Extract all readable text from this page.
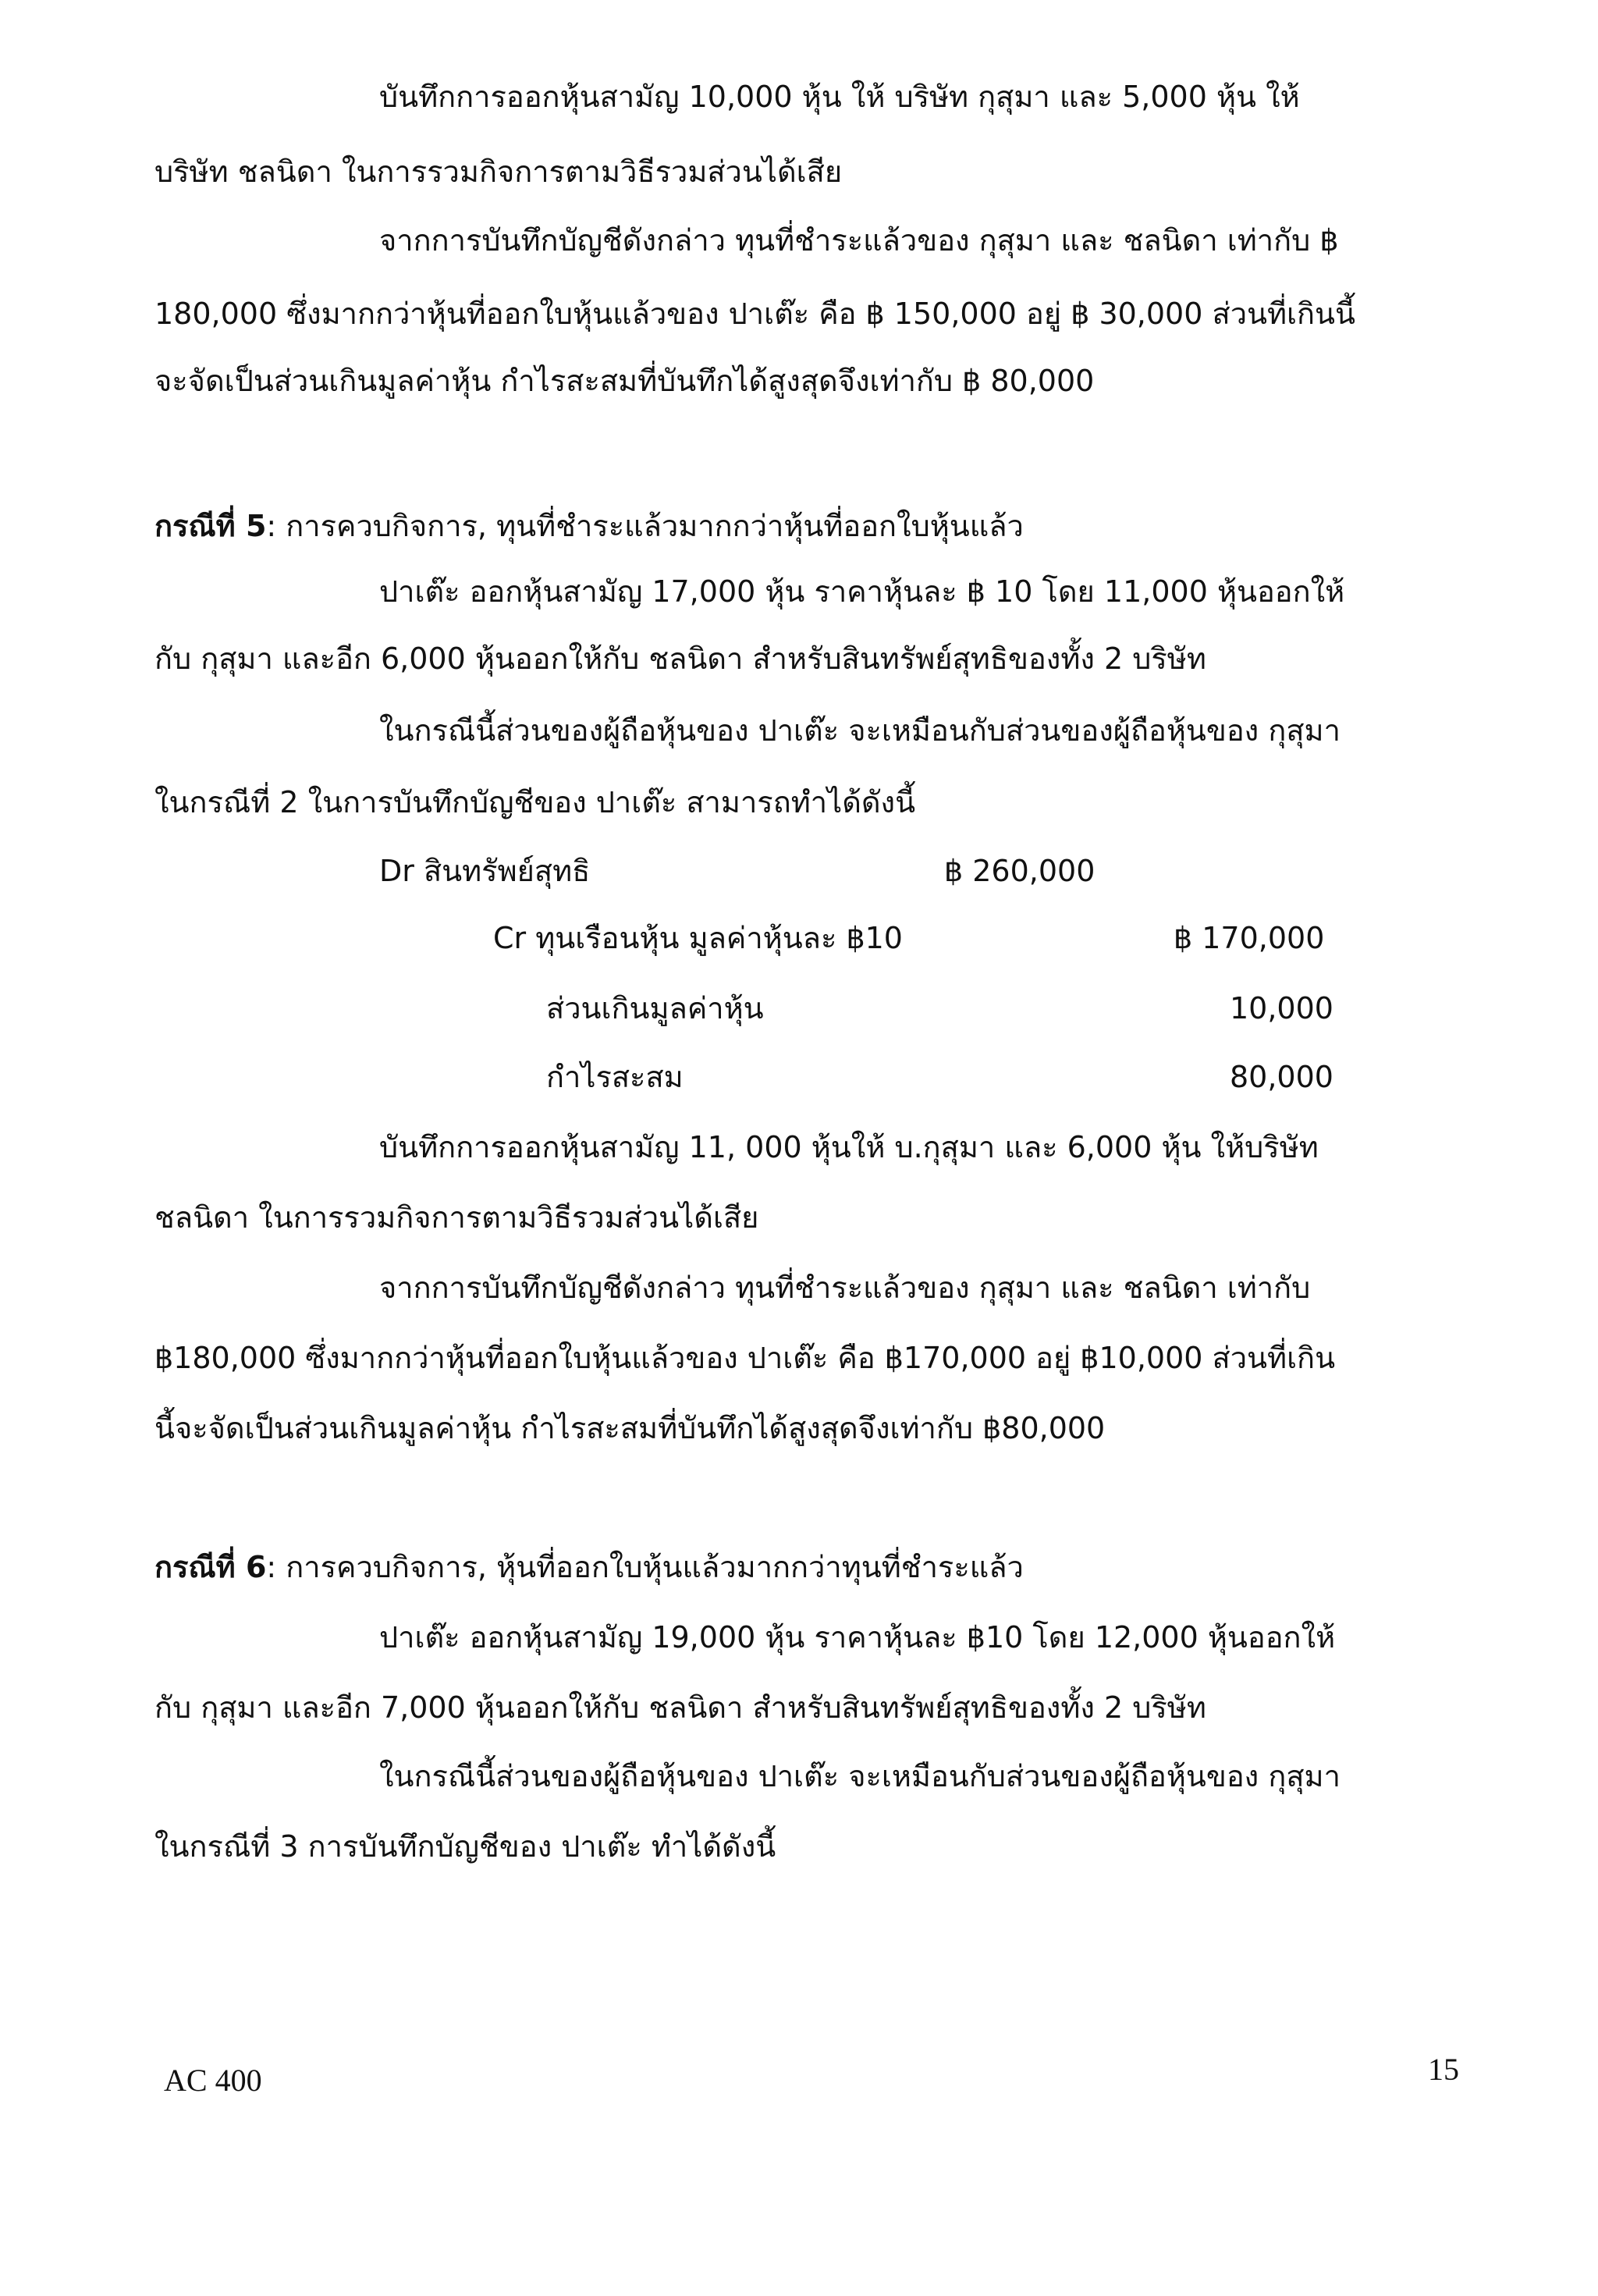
บันทึกการออกหุ้นสามัญ 10,000 หุ้น ให้ บริษัท กุสุมา และ 5,000 หุ้น ให้
บริษัท ชลนิดา ในการรวมกิจการตามวิธีรวมส่วนได้เสีย
จากการบันทึกบัญชีดังกล่าว ทุนที่ชำระแล้วของ กุสุมา และ ชลนิดา เท่ากับ ฿
180,000 ซึ่งมากกว่าหุ้นที่ออกใบหุ้นแล้วของ ปาเต๊ะ คือ ฿ 150,000 อยู่ ฿ 30,000 ส่วนที่เกินนี้
จะจัดเป็นส่วนเกินมูลค่าหุ้น กำไรสะสมที่บันทึกได้สูงสุดจึงเท่ากับ ฿ 80,000
กรณีที่ 5: การควบกิจการ, ทุนที่ชำระแล้วมากกว่าหุ้นที่ออกใบหุ้นแล้ว
ปาเต๊ะ ออกหุ้นสามัญ 17,000 หุ้น ราคาหุ้นละ ฿ 10 โดย 11,000 หุ้นออกให้
กับ กุสุมา และอีก 6,000 หุ้นออกให้กับ ชลนิดา สำหรับสินทรัพย์สุทธิของทั้ง 2 บริษัท
ในกรณีนี้ส่วนของผู้ถือหุ้นของ ปาเต๊ะ จะเหมือนกับส่วนของผู้ถือหุ้นของ กุสุมา
ในกรณีที่ 2 ในการบันทึกบัญชีของ ปาเต๊ะ สามารถทำได้ดังนี้
Dr สินทรัพย์สุทธิ	฿ 260,000
Cr ทุนเรือนหุ้น มูลค่าหุ้นละ ฿10	฿ 170,000
ส่วนเกินมูลค่าหุ้น	10,000
กำไรสะสม	80,000
บันทึกการออกหุ้นสามัญ 11, 000 หุ้นให้ บ.กุสุมา และ 6,000 หุ้น ให้บริษัท
ชลนิดา ในการรวมกิจการตามวิธีรวมส่วนได้เสีย
จากการบันทึกบัญชีดังกล่าว ทุนที่ชำระแล้วของ กุสุมา และ ชลนิดา เท่ากับ
฿180,000 ซึ่งมากกว่าหุ้นที่ออกใบหุ้นแล้วของ ปาเต๊ะ คือ ฿170,000 อยู่ ฿10,000 ส่วนที่เกิน
นี้จะจัดเป็นส่วนเกินมูลค่าหุ้น กำไรสะสมที่บันทึกได้สูงสุดจึงเท่ากับ ฿80,000
กรณีที่ 6: การควบกิจการ, หุ้นที่ออกใบหุ้นแล้วมากกว่าทุนที่ชำระแล้ว
ปาเต๊ะ ออกหุ้นสามัญ 19,000 หุ้น ราคาหุ้นละ ฿10 โดย 12,000 หุ้นออกให้
กับ กุสุมา และอีก 7,000 หุ้นออกให้กับ ชลนิดา สำหรับสินทรัพย์สุทธิของทั้ง 2 บริษัท
ในกรณีนี้ส่วนของผู้ถือหุ้นของ ปาเต๊ะ จะเหมือนกับส่วนของผู้ถือหุ้นของ กุสุมา
ในกรณีที่ 3 การบันทึกบัญชีของ ปาเต๊ะ ทำได้ดังนี้
AC 400	15
